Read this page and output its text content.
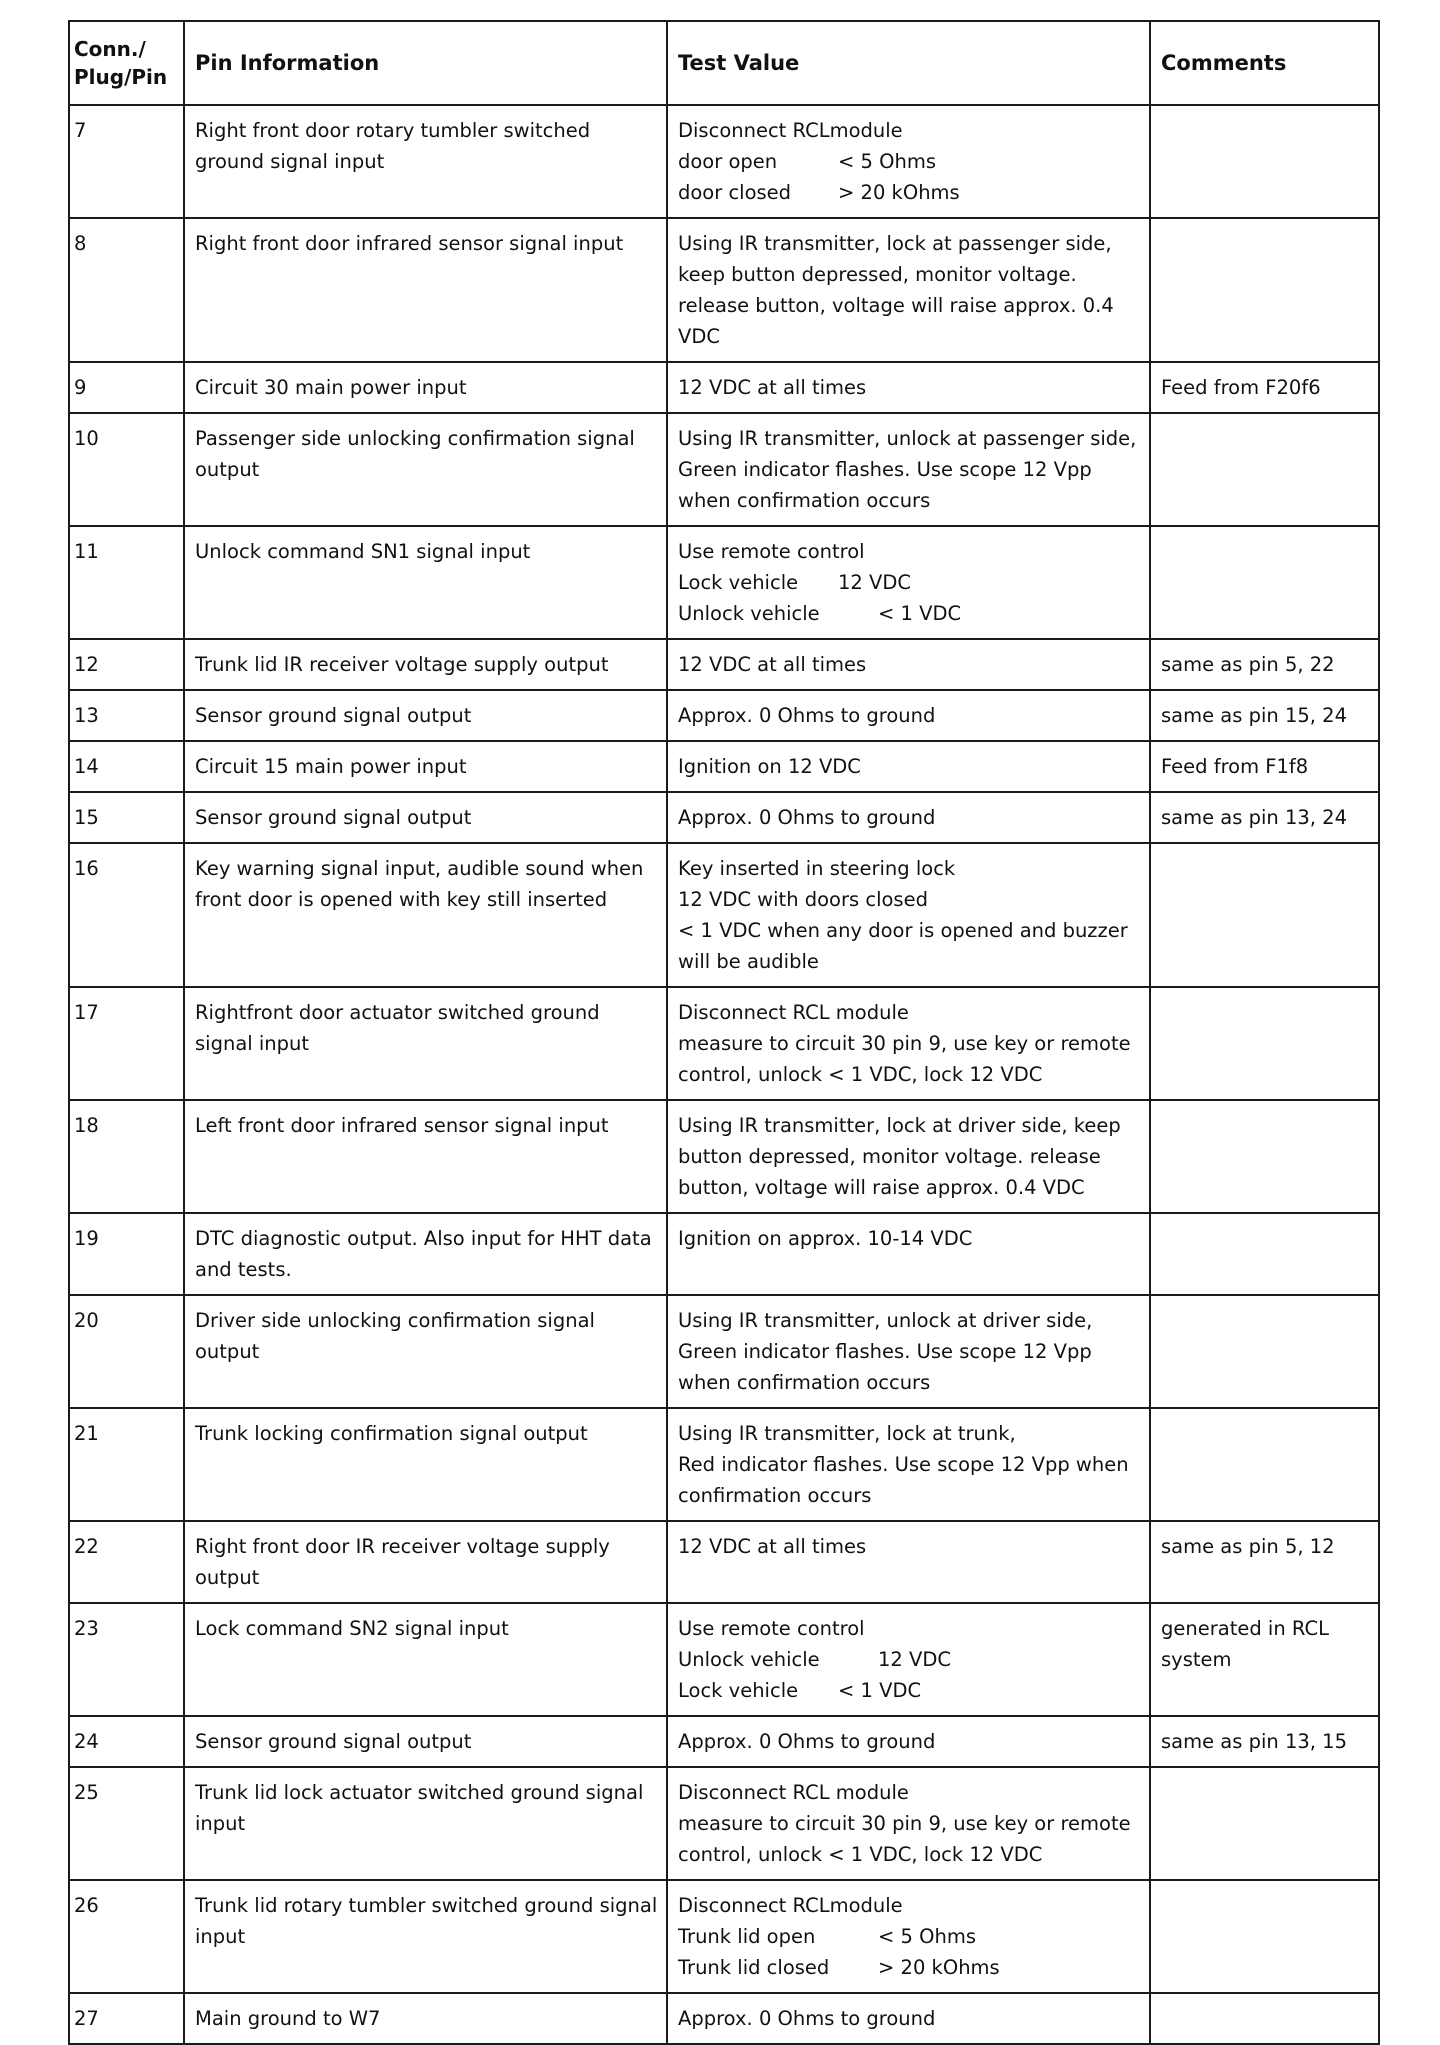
Conn./
Plug/Pin	Pin Information	Test Value	Comments
7	Right front door rotary tumbler switched ground signal input	Disconnect RCLmodule
door open < 5 Ohms
door closed > 20 kOhms	

8	Right front door infrared sensor signal input	Using IR transmitter, lock at passenger side, keep button depressed, monitor voltage. release button, voltage will raise approx. 0.4 VDC	

9	Circuit 30 main power input	12 VDC at all times	Feed from F20f6
10	Passenger side unlocking confirmation signal output	Using IR transmitter, unlock at passenger side, Green indicator flashes. Use scope 12 Vpp when confirmation occurs	

11	Unlock command SN1 signal input	Use remote control
Lock vehicle 12 VDC
Unlock vehicle < 1 VDC	

12	Trunk lid IR receiver voltage supply output	12 VDC at all times	same as pin 5, 22
13	Sensor ground signal output	Approx. 0 Ohms to ground	same as pin 15, 24
14	Circuit 15 main power input	Ignition on 12 VDC	Feed from F1f8
15	Sensor ground signal output	Approx. 0 Ohms to ground	same as pin 13, 24
16	Key warning signal input, audible sound when front door is opened with key still inserted	Key inserted in steering lock
12 VDC with doors closed
< 1 VDC when any door is opened and buzzer will be audible	

17	Rightfront door actuator switched ground signal input	Disconnect RCL module
measure to circuit 30 pin 9, use key or remote control, unlock < 1 VDC, lock 12 VDC	

18	Left front door infrared sensor signal input	Using IR transmitter, lock at driver side, keep button depressed, monitor voltage. release button, voltage will raise approx. 0.4 VDC	

19	DTC diagnostic output. Also input for HHT data and tests.	Ignition on approx. 10-14 VDC	

20	Driver side unlocking confirmation signal output	Using IR transmitter, unlock at driver side, Green indicator flashes. Use scope 12 Vpp when confirmation occurs	

21	Trunk locking confirmation signal output	Using IR transmitter, lock at trunk,
Red indicator flashes. Use scope 12 Vpp when confirmation occurs	

22	Right front door IR receiver voltage supply output	12 VDC at all times	same as pin 5, 12
23	Lock command SN2 signal input	Use remote control
Unlock vehicle 12 VDC
Lock vehicle < 1 VDC	generated in RCL system
24	Sensor ground signal output	Approx. 0 Ohms to ground	same as pin 13, 15
25	Trunk lid lock actuator switched ground signal input	Disconnect RCL module
measure to circuit 30 pin 9, use key or remote control, unlock < 1 VDC, lock 12 VDC	

26	Trunk lid rotary tumbler switched ground signal input	Disconnect RCLmodule
Trunk lid open < 5 Ohms
Trunk lid closed > 20 kOhms	

27	Main ground to W7	Approx. 0 Ohms to ground	
